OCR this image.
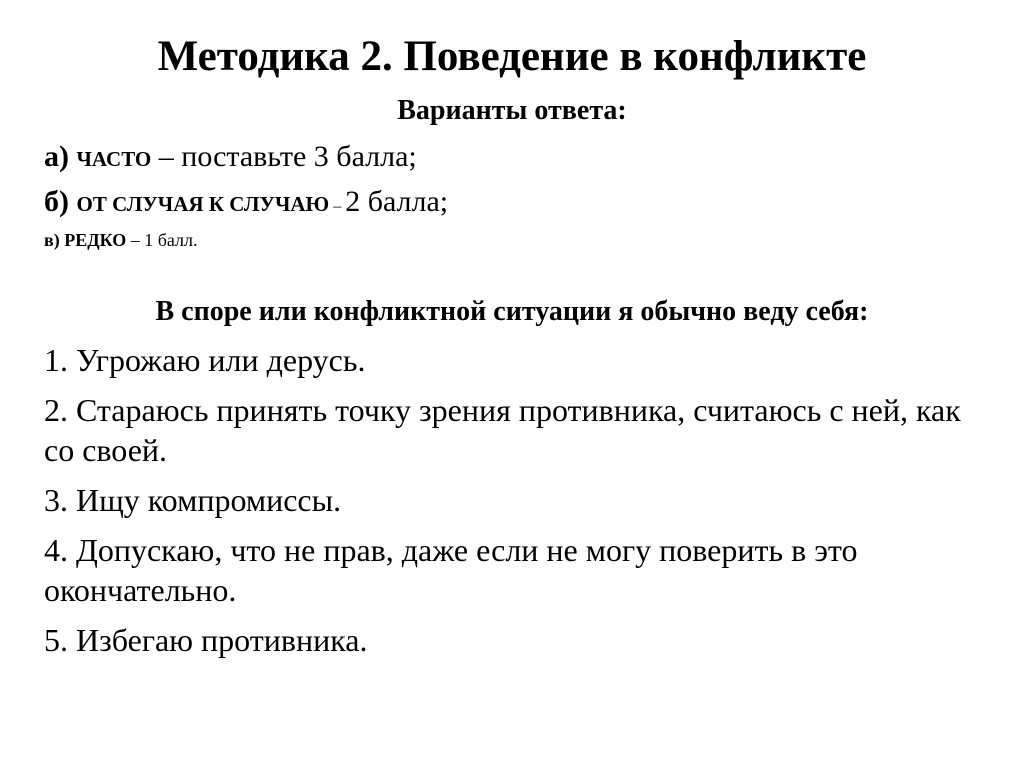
Методика 2. Поведение в конфликте
Варианты ответа:
а) ЧАСТО – поставьте 3 балла;
б) ОТ СЛУЧАЯ К СЛУЧАЮ – 2 балла;
в) РЕДКО – 1 балл.
В споре или конфликтной ситуации я обычно веду себя:
1. Угрожаю или дерусь.
2. Стараюсь принять точку зрения противника, считаюсь с ней, как со своей.
3. Ищу компромиссы.
4. Допускаю, что не прав, даже если не могу поверить в это окончательно.
5. Избегаю противника.
